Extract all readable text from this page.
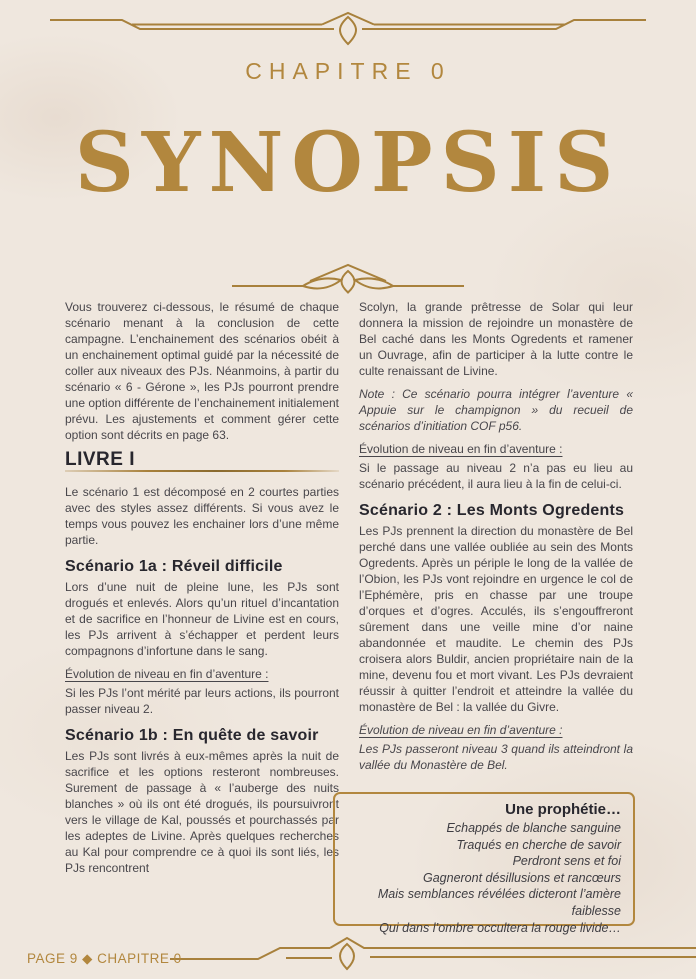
CHAPITRE 0
SYNOPSIS

Vous trouverez ci-dessous, le résumé de chaque scénario menant à la conclusion de cette campagne. L’enchainement des scénarios obéit à un enchainement optimal guidé par la nécessité de coller aux niveaux des PJs. Néanmoins, à partir du scénario « 6 - Gérone », les PJs pourront prendre une option différente de l’enchainement initialement prévu. Les ajustements et comment gérer cette option sont décrits en page 63.

LIVRE I

Le scénario 1 est décomposé en 2 courtes parties avec des styles assez différents. Si vous avez le temps vous pouvez les enchainer lors d’une même partie.

Scénario 1a : Réveil difficile

Lors d’une nuit de pleine lune, les PJs sont drogués et enlevés. Alors qu’un rituel d’incantation et de sacrifice en l’honneur de Livine est en cours, les PJs arrivent à s’échapper et perdent leurs compagnons d’infortune dans le sang.

Évolution de niveau en fin d’aventure :

Si les PJs l’ont mérité par leurs actions, ils pourront passer niveau 2.

Scénario 1b : En quête de savoir

Les PJs sont livrés à eux-mêmes après la nuit de sacrifice et les options resteront nombreuses. Surement de passage à « l’auberge des nuits blanches » où ils ont été drogués, ils poursuivront vers le village de Kal, poussés et pourchassés par les adeptes de Livine. Après quelques recherches au Kal pour comprendre ce à quoi ils sont liés, les PJs rencontrent

Scolyn, la grande prêtresse de Solar qui leur donnera la mission de rejoindre un monastère de Bel caché dans les Monts Ogredents et ramener un Ouvrage, afin de participer à la lutte contre le culte renaissant de Livine.

Note : Ce scénario pourra intégrer l’aventure « Appuie sur le champignon » du recueil de scénarios d’initiation COF p56.

Évolution de niveau en fin d’aventure :

Si le passage au niveau 2 n’a pas eu lieu au scénario précédent, il aura lieu à la fin de celui-ci.

Scénario 2 : Les Monts Ogredents

Les PJs prennent la direction du monastère de Bel perché dans une vallée oubliée au sein des Monts Ogredents. Après un périple le long de la vallée de l’Obion, les PJs vont rejoindre en urgence le col de l’Ephémère, pris en chasse par une troupe d’orques et d’ogres. Acculés, ils s’engouffreront sûrement dans une veille mine d’or naine abandonnée et maudite. Le chemin des PJs croisera alors Buldir, ancien propriétaire nain de la mine, devenu fou et mort vivant. Les PJs devraient réussir à quitter l’endroit et atteindre la vallée du monastère de Bel : la vallée du Givre.

Évolution de niveau en fin d’aventure :

Les PJs passeront niveau 3 quand ils atteindront la vallée du Monastère de Bel.

Une prophétie…

Echappés de blanche sanguine

Traqués en cherche de savoir

Perdront sens et foi

Gagneront désillusions et rancœurs

Mais semblances révélées dicteront l’amère faiblesse

Qui dans l’ombre occultera la rouge livide…

PAGE 9 ◆ CHAPITRE 0
